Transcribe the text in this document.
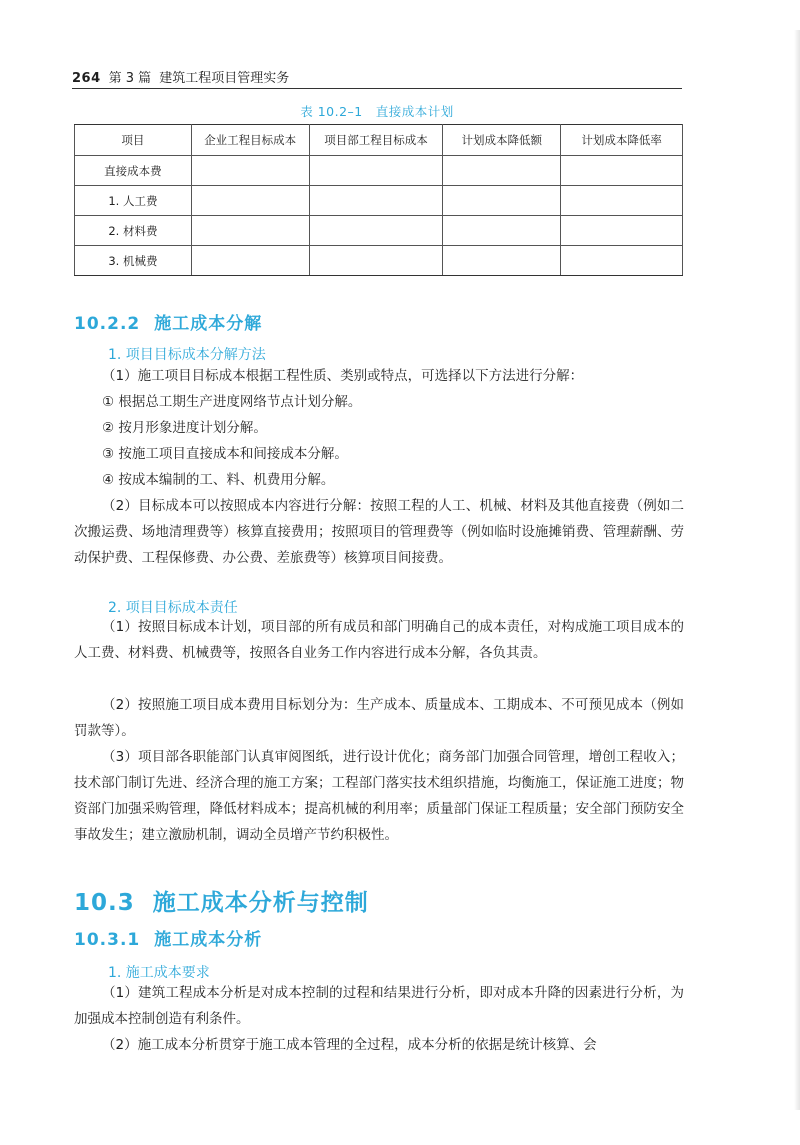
264 第 3 篇 建筑工程项目管理实务
表 10.2–1　直接成本计划
项目	企业工程目标成本	项目部工程目标成本	计划成本降低额	计划成本降低率
直接成本费				
1. 人工费				
2. 材料费				
3. 机械费				
10.2.2 施工成本分解
1. 项目目标成本分解方法
（1）施工项目目标成本根据工程性质、类别或特点，可选择以下方法进行分解：
① 根据总工期生产进度网络节点计划分解。
② 按月形象进度计划分解。
③ 按施工项目直接成本和间接成本分解。
④ 按成本编制的工、料、机费用分解。
（2）目标成本可以按照成本内容进行分解：按照工程的人工、机械、材料及其他直接费（例如二次搬运费、场地清理费等）核算直接费用；按照项目的管理费等（例如临时设施摊销费、管理薪酬、劳动保护费、工程保修费、办公费、差旅费等）核算项目间接费。
2. 项目目标成本责任
（1）按照目标成本计划，项目部的所有成员和部门明确自己的成本责任，对构成施工项目成本的人工费、材料费、机械费等，按照各自业务工作内容进行成本分解，各负其责。
（2）按照施工项目成本费用目标划分为：生产成本、质量成本、工期成本、不可预见成本（例如罚款等）。
（3）项目部各职能部门认真审阅图纸，进行设计优化；商务部门加强合同管理，增创工程收入；技术部门制订先进、经济合理的施工方案；工程部门落实技术组织措施，均衡施工，保证施工进度；物资部门加强采购管理，降低材料成本；提高机械的利用率；质量部门保证工程质量；安全部门预防安全事故发生；建立激励机制，调动全员增产节约积极性。
10.3 施工成本分析与控制
10.3.1 施工成本分析
1. 施工成本要求
（1）建筑工程成本分析是对成本控制的过程和结果进行分析，即对成本升降的因素进行分析，为加强成本控制创造有利条件。
（2）施工成本分析贯穿于施工成本管理的全过程，成本分析的依据是统计核算、会
